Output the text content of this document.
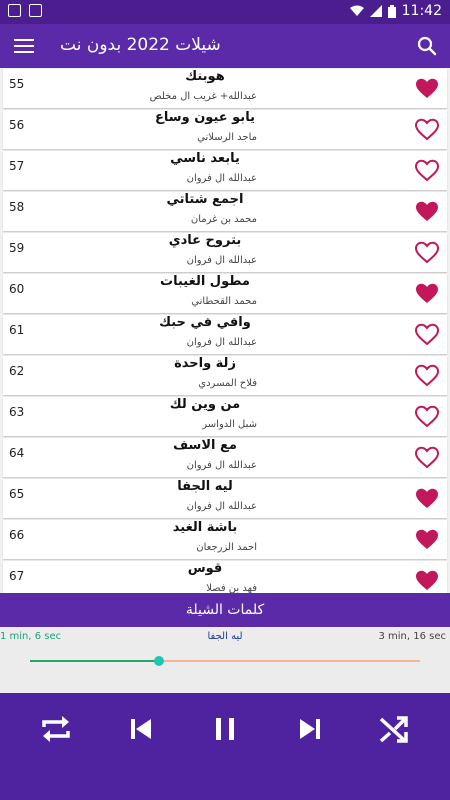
11:42
شيلات 2022 بدون نت
55	هوبنك
عبدالله+ غريب ال مخلص
56	يابو عيون وساع
ماجد الرسلاني
57	يابعد ناسي
عبدالله ال فروان
58	اجمع شتاتي
محمد بن غرمان
59	بتروح عادي
عبدالله ال فروان
60	مطول الغيبات
محمد القحطاني
61	وافي في حبك
عبدالله ال فروان
62	زلة واحدة
فلاح المسردي
63	من وين لك
شبل الدواسر
64	مع الاسف
عبدالله ال فروان
65	ليه الجفا
عبدالله ال فروان
66	باشة الغيد
احمد الزرجعان
67	قوس
فهد بن فصلا
كلمات الشيلة
1 min, 6 sec	ليه الجفا	3 min, 16 sec
